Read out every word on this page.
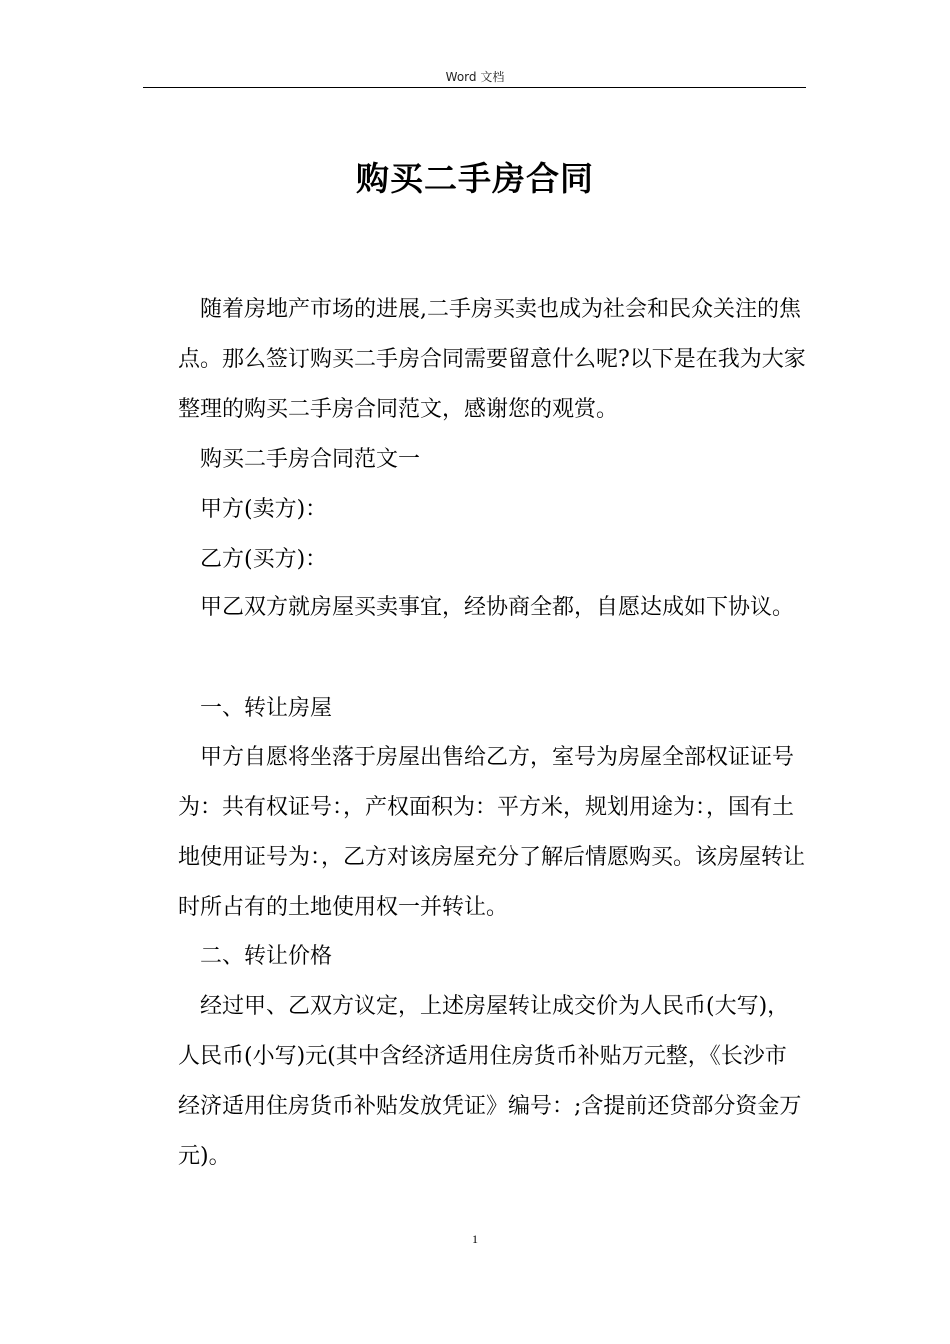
Word 文档
购买二手房合同

随着房地产市场的进展,二手房买卖也成为社会和民众关注的焦点。那么签订购买二手房合同需要留意什么呢?以下是在我为大家整理的购买二手房合同范文，感谢您的观赏。

购买二手房合同范文一

甲方(卖方)：

乙方(买方)：

甲乙双方就房屋买卖事宜，经协商全都，自愿达成如下协议。

一、转让房屋

甲方自愿将坐落于房屋出售给乙方，室号为房屋全部权证证号为：共有权证号：，产权面积为：平方米，规划用途为：，国有土地使用证号为：，乙方对该房屋充分了解后情愿购买。该房屋转让时所占有的土地使用权一并转让。

二、转让价格

经过甲、乙双方议定，上述房屋转让成交价为人民币(大写)，人民币(小写)元(其中含经济适用住房货币补贴万元整，《长沙市经济适用住房货币补贴发放凭证》编号：;含提前还贷部分资金万元)。

1
